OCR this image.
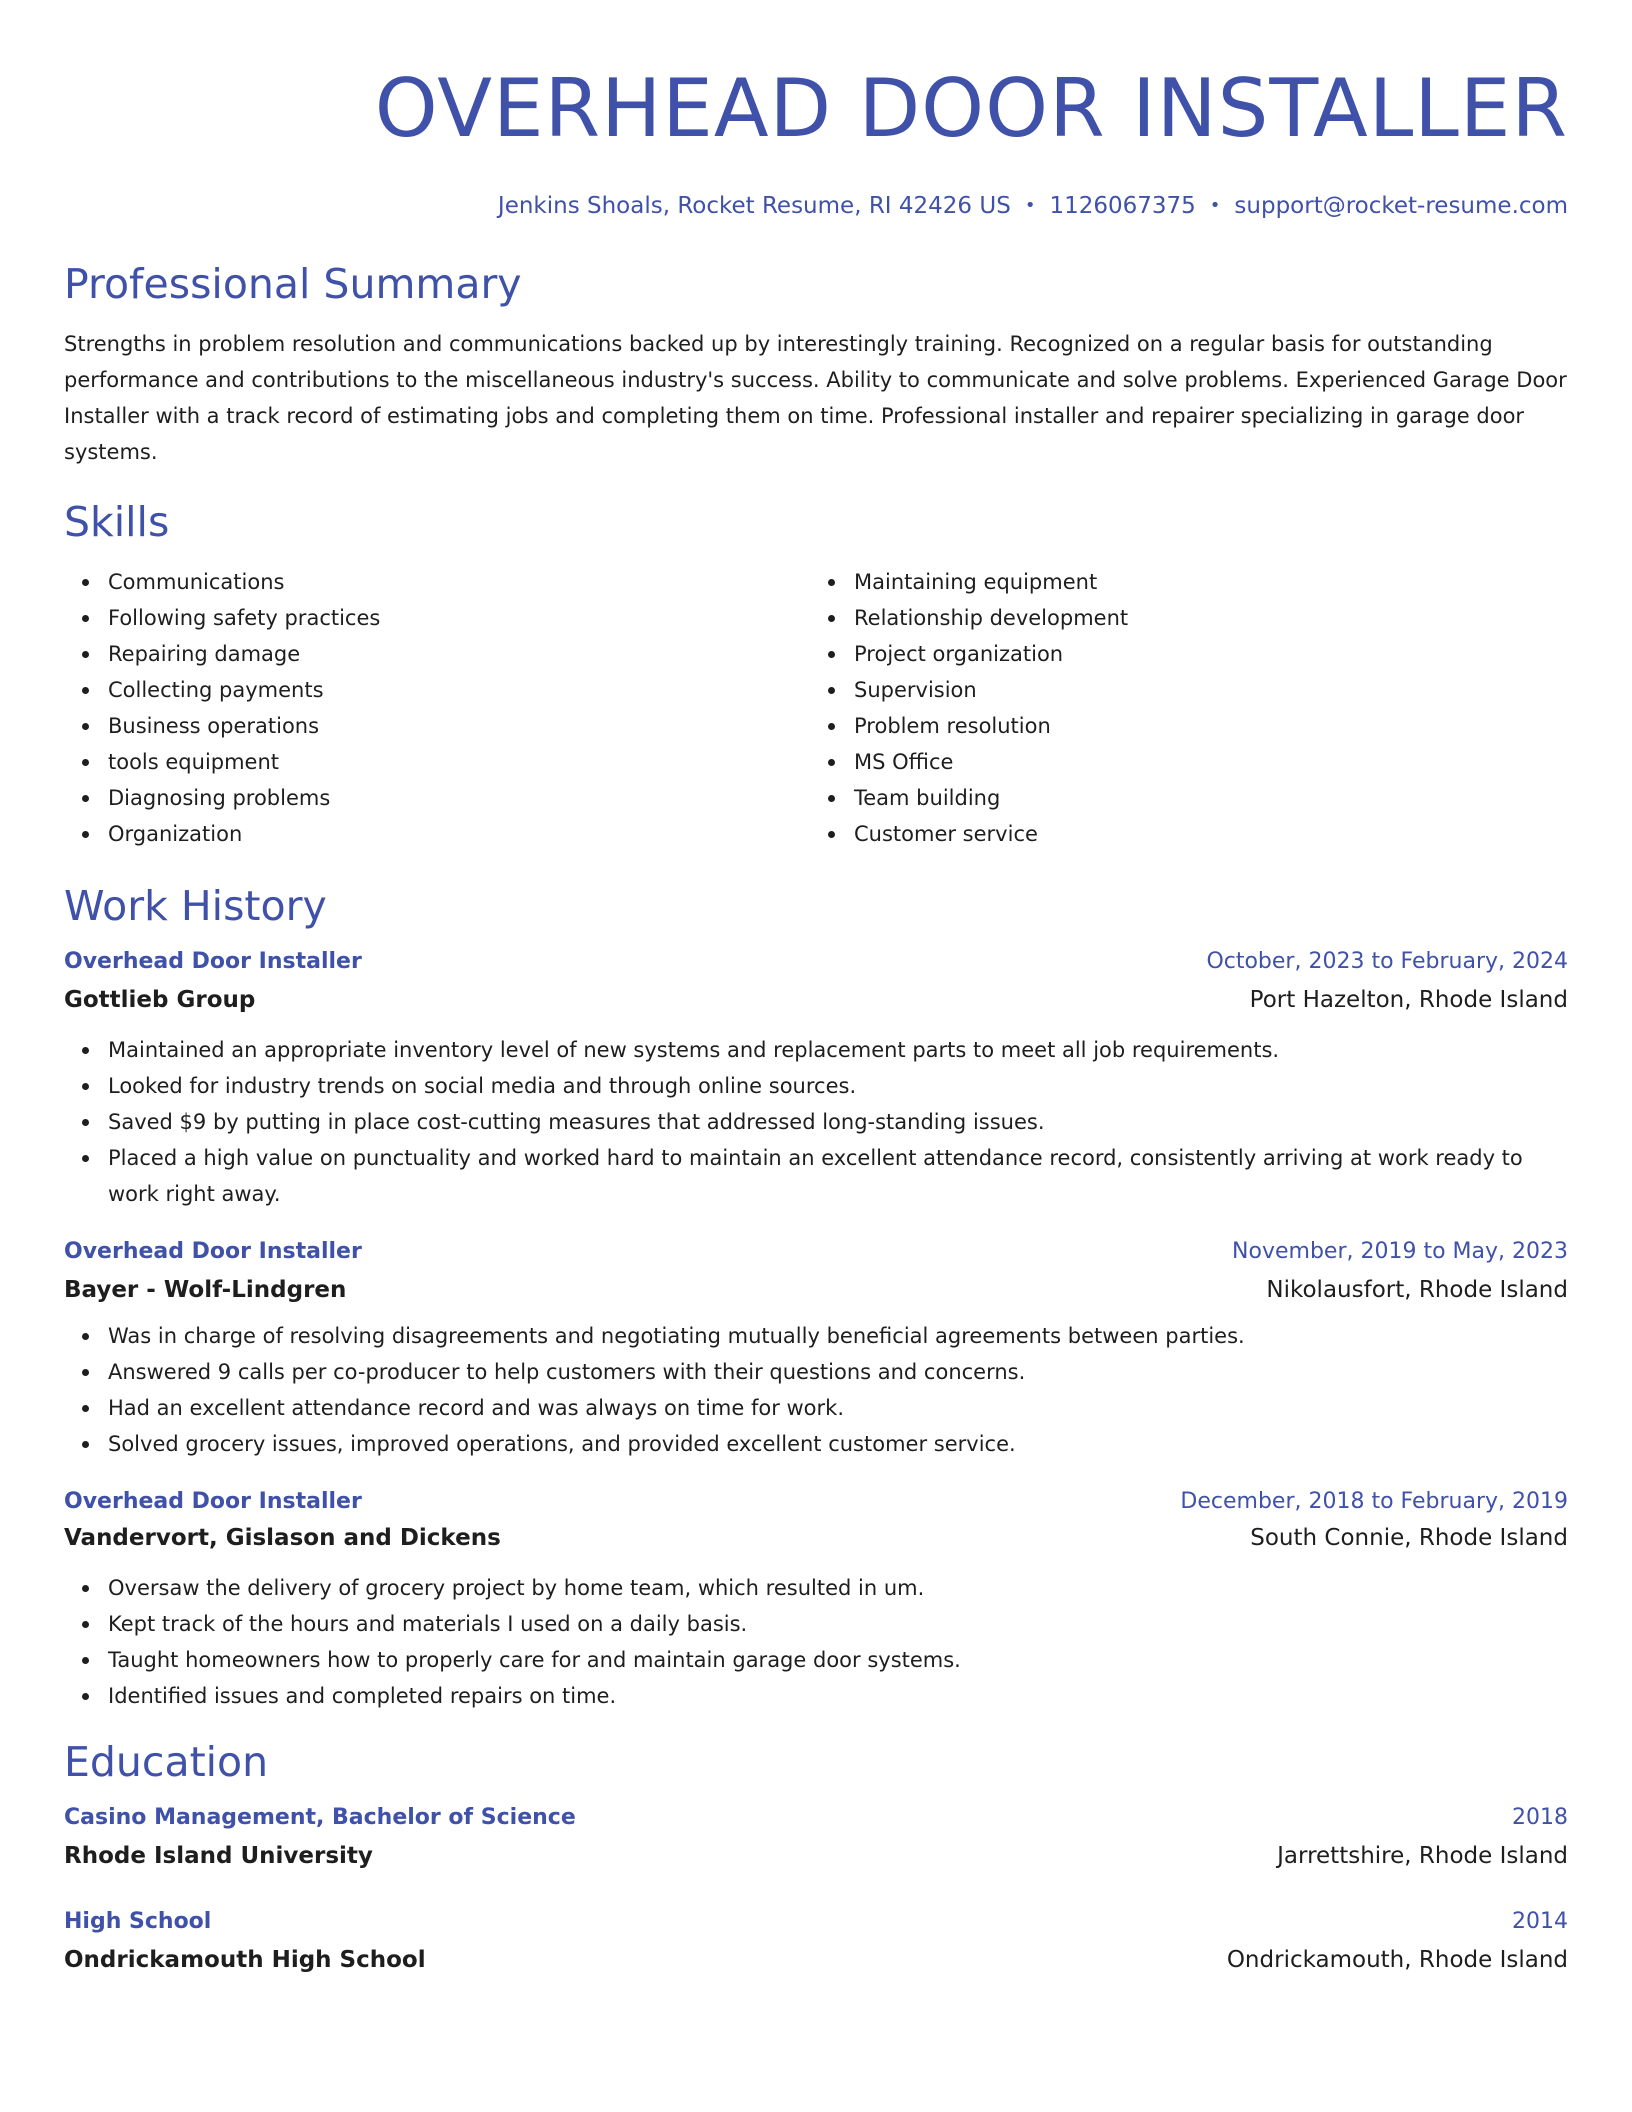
OVERHEAD DOOR INSTALLER
Jenkins Shoals, Rocket Resume, RI 42426 US • 1126067375 • support@rocket-resume.com
Professional Summary
Strengths in problem resolution and communications backed up by interestingly training. Recognized on a regular basis for outstanding performance and contributions to the miscellaneous industry's success. Ability to communicate and solve problems. Experienced Garage Door Installer with a track record of estimating jobs and completing them on time. Professional installer and repairer specializing in garage door systems.
Skills
Communications
Following safety practices
Repairing damage
Collecting payments
Business operations
tools equipment
Diagnosing problems
Organization
Maintaining equipment
Relationship development
Project organization
Supervision
Problem resolution
MS Office
Team building
Customer service
Work History
Overhead Door Installer	October, 2023 to February, 2024
Gottlieb Group	Port Hazelton, Rhode Island
Maintained an appropriate inventory level of new systems and replacement parts to meet all job requirements.
Looked for industry trends on social media and through online sources.
Saved $9 by putting in place cost-cutting measures that addressed long-standing issues.
Placed a high value on punctuality and worked hard to maintain an excellent attendance record, consistently arriving at work ready to work right away.
Overhead Door Installer	November, 2019 to May, 2023
Bayer - Wolf-Lindgren	Nikolausfort, Rhode Island
Was in charge of resolving disagreements and negotiating mutually beneficial agreements between parties.
Answered 9 calls per co-producer to help customers with their questions and concerns.
Had an excellent attendance record and was always on time for work.
Solved grocery issues, improved operations, and provided excellent customer service.
Overhead Door Installer	December, 2018 to February, 2019
Vandervort, Gislason and Dickens	South Connie, Rhode Island
Oversaw the delivery of grocery project by home team, which resulted in um.
Kept track of the hours and materials I used on a daily basis.
Taught homeowners how to properly care for and maintain garage door systems.
Identified issues and completed repairs on time.
Education
Casino Management, Bachelor of Science	2018
Rhode Island University	Jarrettshire, Rhode Island
High School	2014
Ondrickamouth High School	Ondrickamouth, Rhode Island
